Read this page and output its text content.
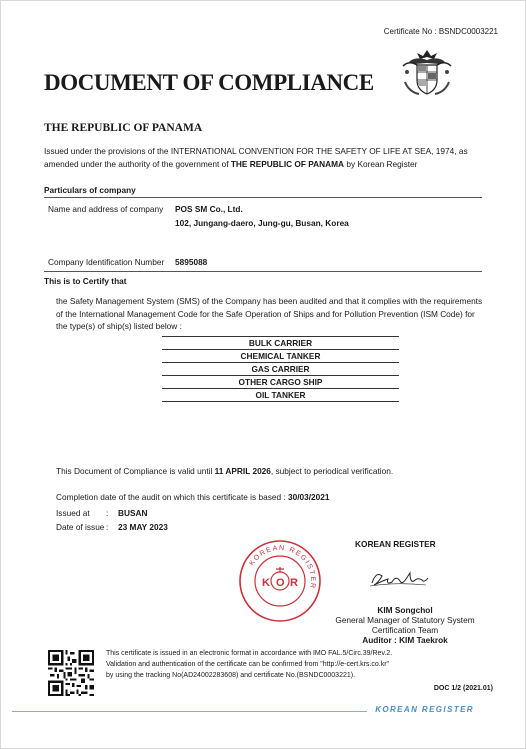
Certificate No : BSNDC0003221
DOCUMENT OF COMPLIANCE
THE REPUBLIC OF PANAMA
Issued under the provisions of the INTERNATIONAL CONVENTION FOR THE SAFETY OF LIFE AT SEA, 1974, as amended under the authority of the government of THE REPUBLIC OF PANAMA by Korean Register
Particulars of company
Name and address of company POS SM Co., Ltd.
102, Jungang-daero, Jung-gu, Busan, Korea
Company Identification Number 5895088
This is to Certify that
the Safety Management System (SMS) of the Company has been audited and that it complies with the requirements of the International Management Code for the Safe Operation of Ships and for Pollution Prevention (ISM Code) for the type(s) of ship(s) listed below :
BULK CARRIER
CHEMICAL TANKER
GAS CARRIER
OTHER CARGO SHIP
OIL TANKER
This Document of Compliance is valid until 11 APRIL 2026, subject to periodical verification.
Completion date of the audit on which this certificate is based : 30/03/2021
Issued at : BUSAN
Date of issue : 23 MAY 2023
KOREAN REGISTER
K O R
KOREAN REGISTER
KIM Songchol
General Manager of Statutory System
Certification Team
Auditor : KIM Taekrok
This certificate is issued in an electronic format in accordance with IMO FAL.5/Circ.39/Rev.2.
Validation and authentication of the certificate can be confirmed from "http://e-cert.krs.co.kr"
by using the tracking No(AD24002283608) and certificate No.(BSNDC0003221).
DOC 1/2 (2021.01)
KOREAN REGISTER
